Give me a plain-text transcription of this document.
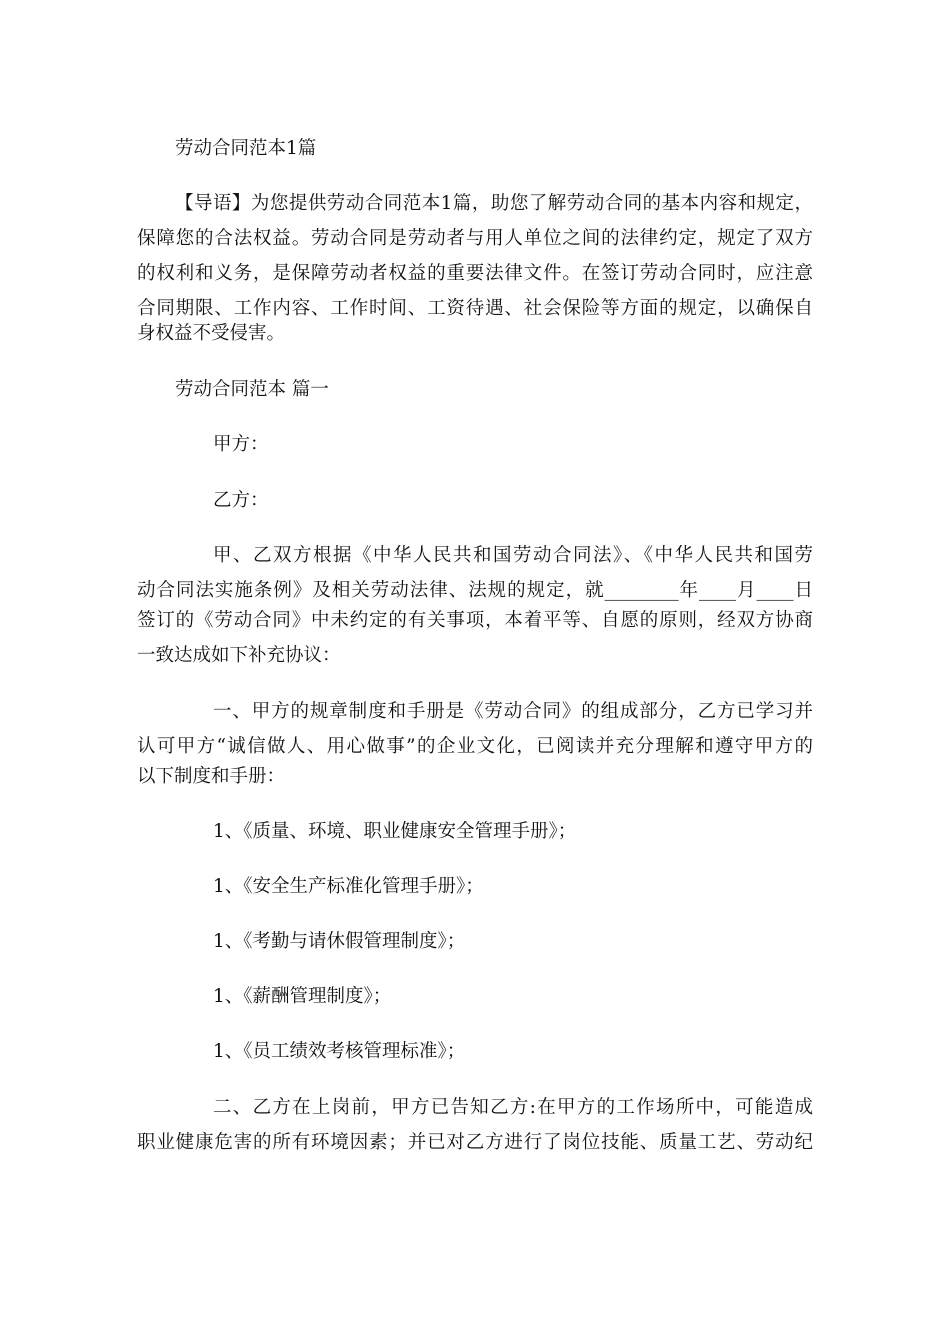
劳动合同范本1篇
【导语】为您提供劳动合同范本1篇，助您了解劳动合同的基本内容和规定，
保障您的合法权益。劳动合同是劳动者与用人单位之间的法律约定，规定了双方
的权利和义务，是保障劳动者权益的重要法律文件。在签订劳动合同时，应注意
合同期限、工作内容、工作时间、工资待遇、社会保险等方面的规定，以确保自
身权益不受侵害。
劳动合同范本 篇一
甲方：
乙方：
甲、乙双方根据《中华人民共和国劳动合同法》、《中华人民共和国劳
动合同法实施条例》及相关劳动法律、法规的规定，就________年____月____日
签订的《劳动合同》中未约定的有关事项，本着平等、自愿的原则，经双方协商
一致达成如下补充协议：
一、甲方的规章制度和手册是《劳动合同》的组成部分，乙方已学习并
认可甲方“诚信做人、用心做事”的企业文化，已阅读并充分理解和遵守甲方的
以下制度和手册：
1、《质量、环境、职业健康安全管理手册》；
1、《安全生产标准化管理手册》；
1、《考勤与请休假管理制度》；
1、《薪酬管理制度》；
1、《员工绩效考核管理标准》；
二、乙方在上岗前，甲方已告知乙方:在甲方的工作场所中，可能造成
职业健康危害的所有环境因素；并已对乙方进行了岗位技能、质量工艺、劳动纪
